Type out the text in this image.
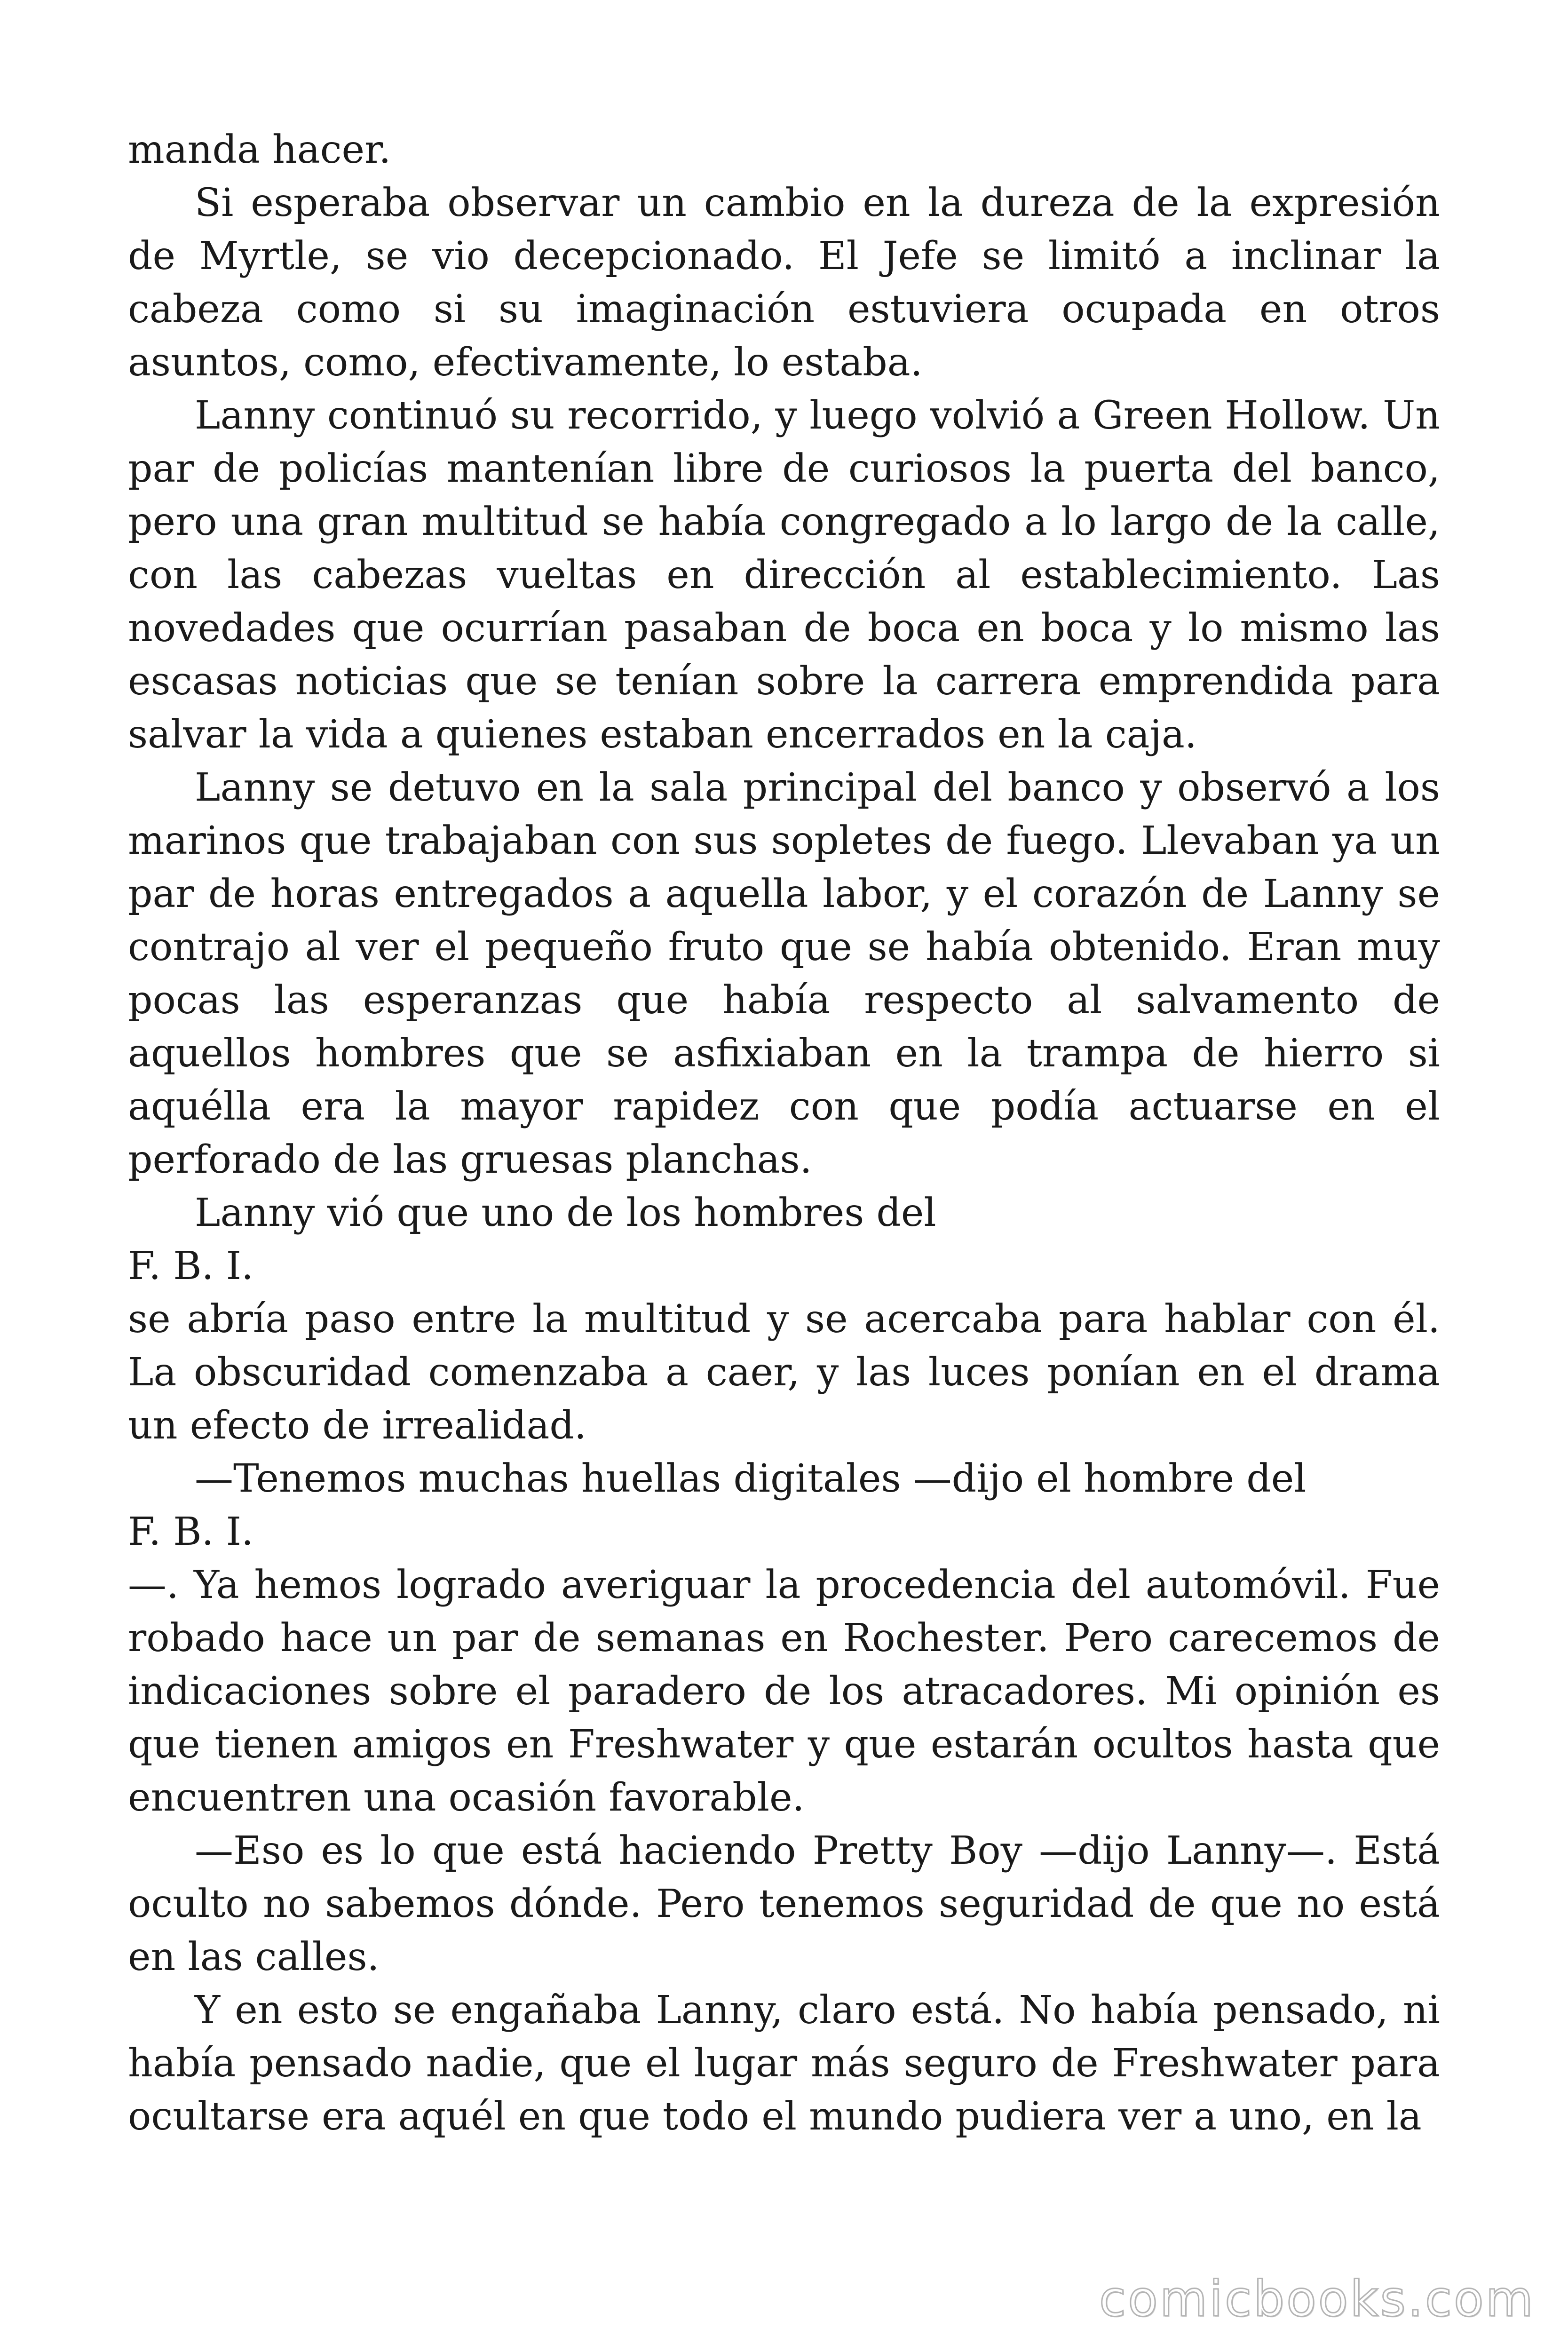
manda hacer.

Si esperaba observar un cambio en la dureza de la expresión de Myrtle, se vio decepcionado. El Jefe se limitó a inclinar la cabeza como si su imaginación estuviera ocupada en otros asuntos, como, efectivamente, lo estaba.

Lanny continuó su recorrido, y luego volvió a Green Hollow. Un par de policías mantenían libre de curiosos la puerta del banco, pero una gran multitud se había congregado a lo largo de la calle, con las cabezas vueltas en dirección al establecimiento. Las novedades que ocurrían pasaban de boca en boca y lo mismo las escasas noticias que se tenían sobre la carrera emprendida para salvar la vida a quienes estaban encerrados en la caja.

Lanny se detuvo en la sala principal del banco y observó a los marinos que trabajaban con sus sopletes de fuego. Llevaban ya un par de horas entregados a aquella labor, y el corazón de Lanny se contrajo al ver el pequeño fruto que se había obtenido. Eran muy pocas las esperanzas que había respecto al salvamento de aquellos hombres que se asfixiaban en la trampa de hierro si aquélla era la mayor rapidez con que podía actuarse en el perforado de las gruesas planchas.

Lanny vió que uno de los hombres del

F. B. I.

se abría paso entre la multitud y se acercaba para hablar con él. La obscuridad comenzaba a caer, y las luces ponían en el drama un efecto de irrealidad.

—Tenemos muchas huellas digitales —dijo el hombre del

F. B. I.

—. Ya hemos logrado averiguar la procedencia del automóvil. Fue robado hace un par de semanas en Rochester. Pero carecemos de indicaciones sobre el paradero de los atracadores. Mi opinión es que tienen amigos en Freshwater y que estarán ocultos hasta que encuentren una ocasión favorable.

—Eso es lo que está haciendo Pretty Boy —dijo Lanny—. Está oculto no sabemos dónde. Pero tenemos seguridad de que no está en las calles.

Y en esto se engañaba Lanny, claro está. No había pensado, ni había pensado nadie, que el lugar más seguro de Freshwater para ocultarse era aquél en que todo el mundo pudiera ver a uno, en la

comicbooks.com
